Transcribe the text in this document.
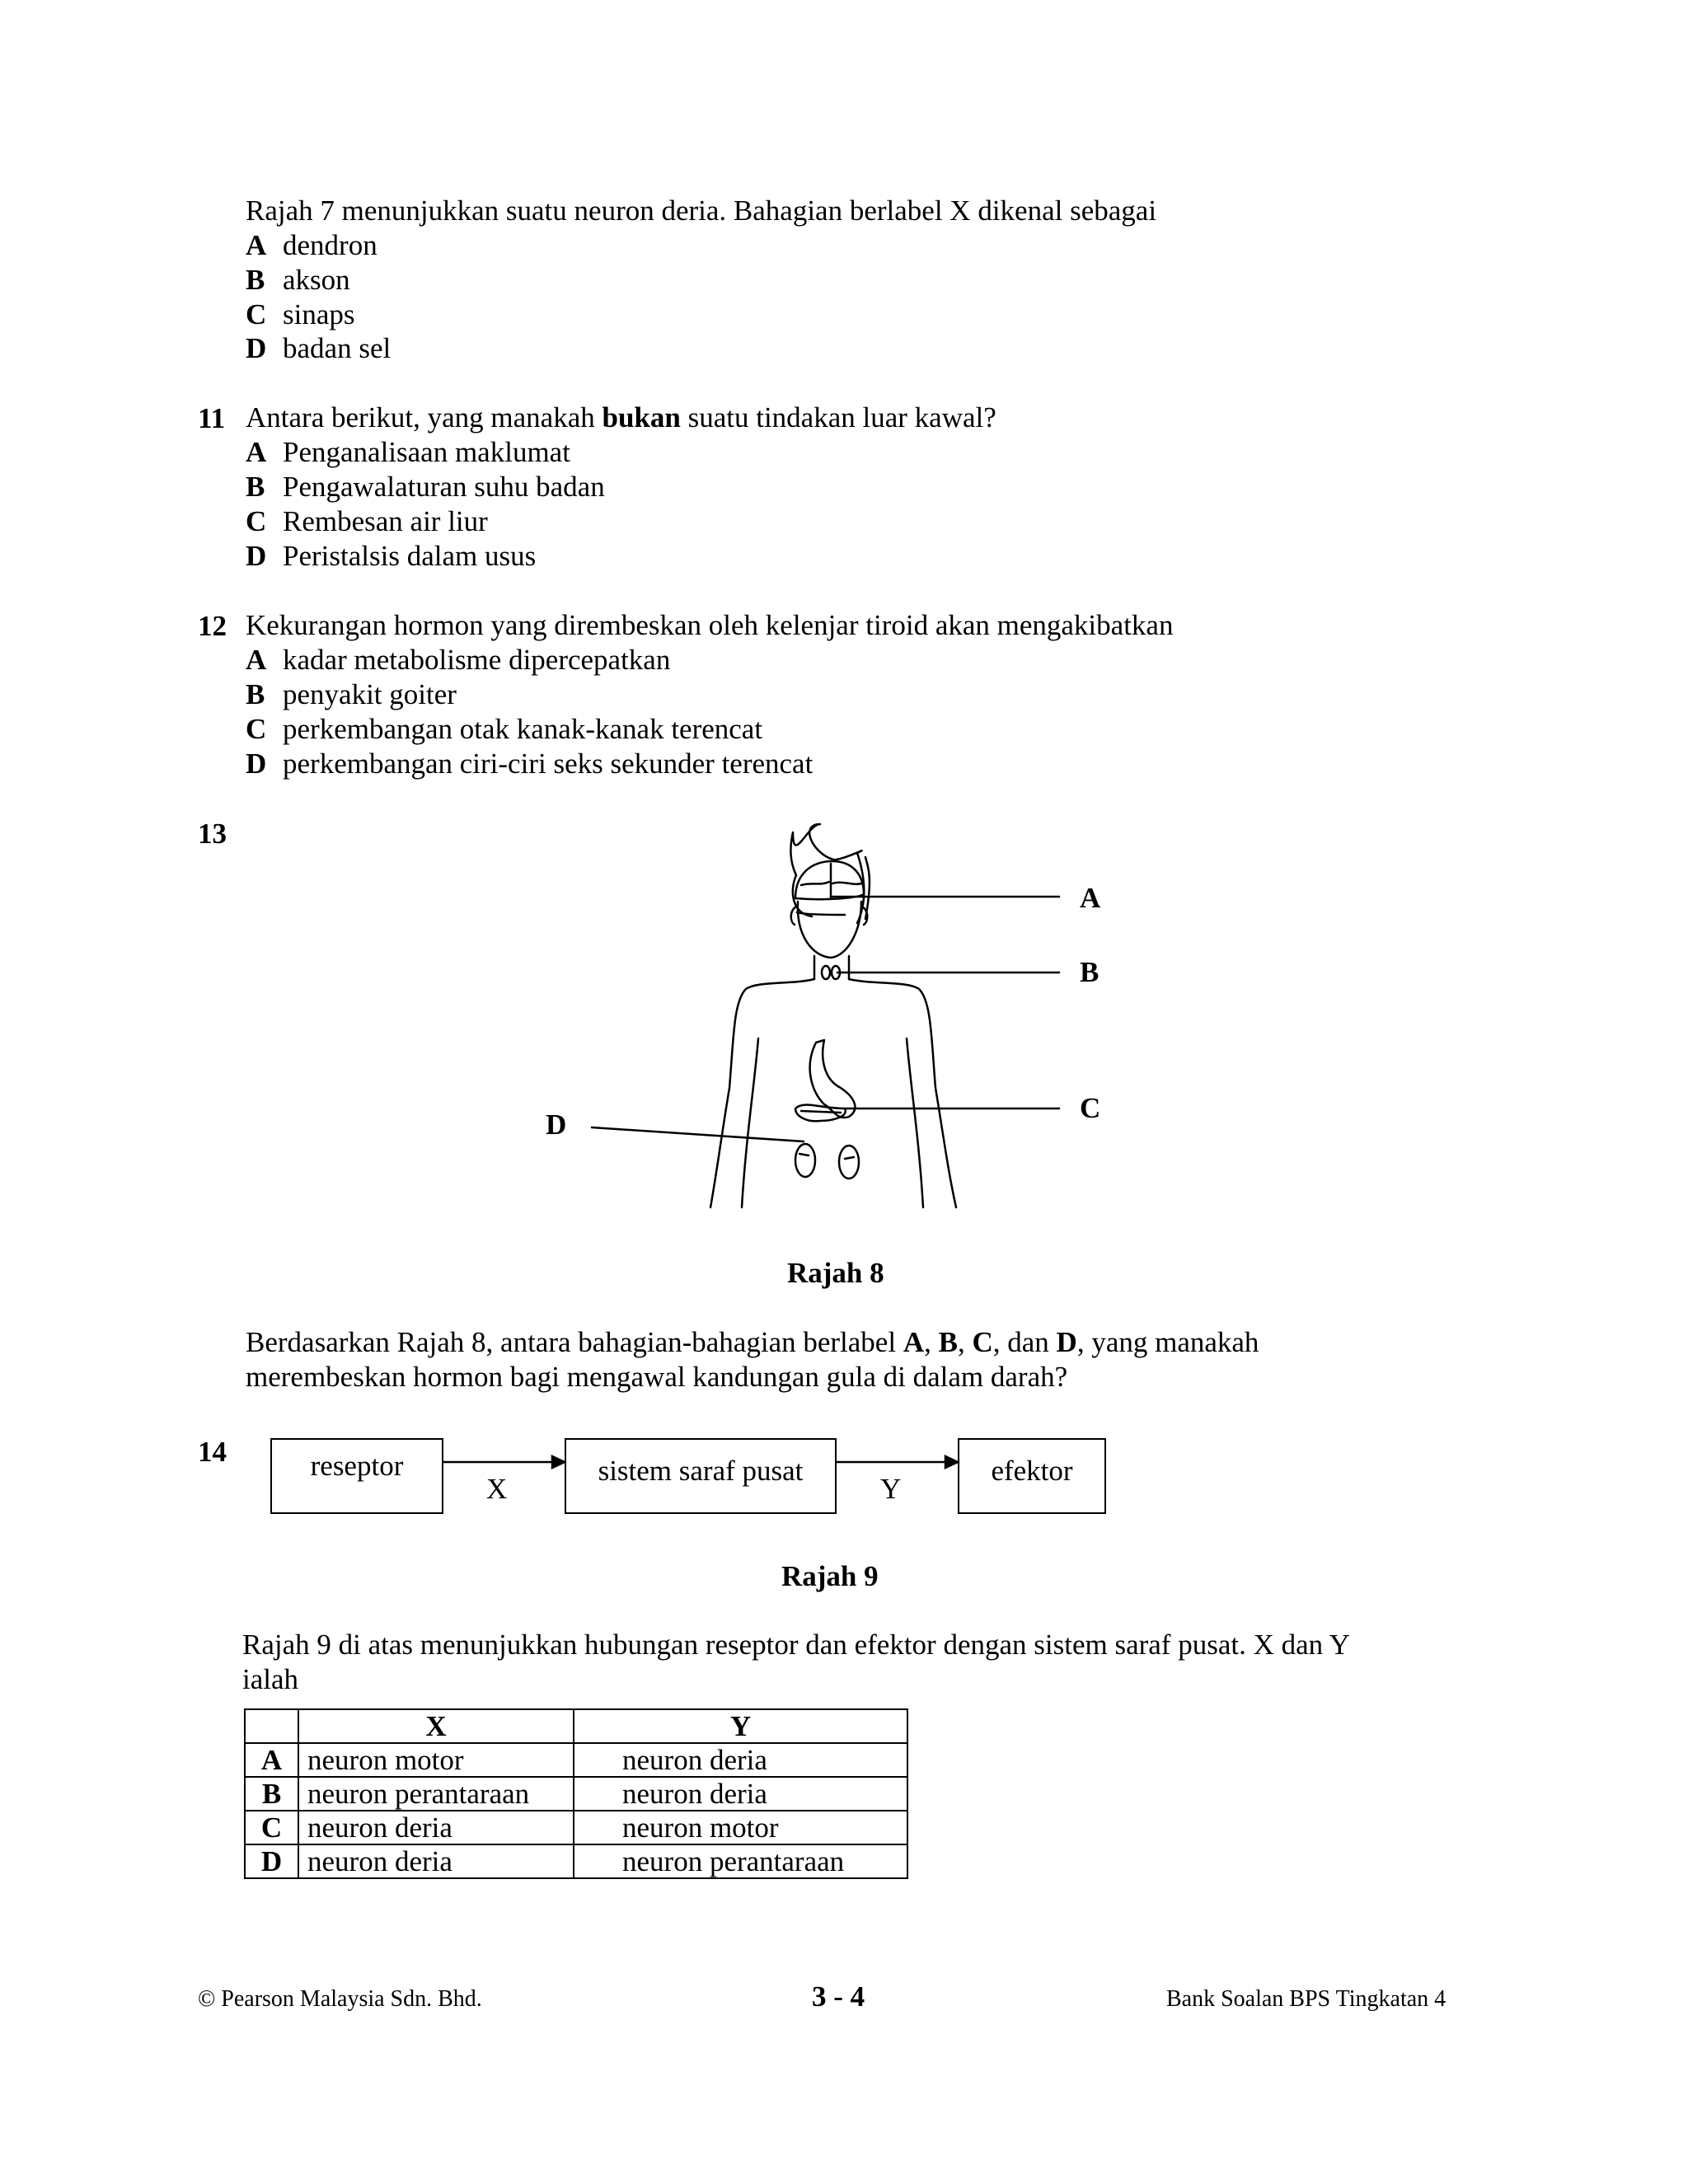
Rajah 7 menunjukkan suatu neuron deria. Bahagian berlabel X dikenal sebagai
A dendron
B akson
C sinaps
D badan sel
11 Antara berikut, yang manakah bukan suatu tindakan luar kawal?
A Penganalisaan maklumat
B Pengawalaturan suhu badan
C Rembesan air liur
D Peristalsis dalam usus
12 Kekurangan hormon yang dirembeskan oleh kelenjar tiroid akan mengakibatkan
A kadar metabolisme dipercepatkan
B penyakit goiter
C perkembangan otak kanak-kanak terencat
D perkembangan ciri-ciri seks sekunder terencat
13
A
B
C
D
Rajah 8
Berdasarkan Rajah 8, antara bahagian-bahagian berlabel A, B, C, dan D, yang manakah
merembeskan hormon bagi mengawal kandungan gula di dalam darah?
14	reseptor	sistem saraf pusat	efektor
X	Y
Rajah 9
Rajah 9 di atas menunjukkan hubungan reseptor dan efektor dengan sistem saraf pusat. X dan Y
ialah
	X	Y
A	neuron motor	neuron deria
B	neuron perantaraan	neuron deria
C	neuron deria	neuron motor
D	neuron deria	neuron perantaraan
© Pearson Malaysia Sdn. Bhd.	3 - 4	Bank Soalan BPS Tingkatan 4
